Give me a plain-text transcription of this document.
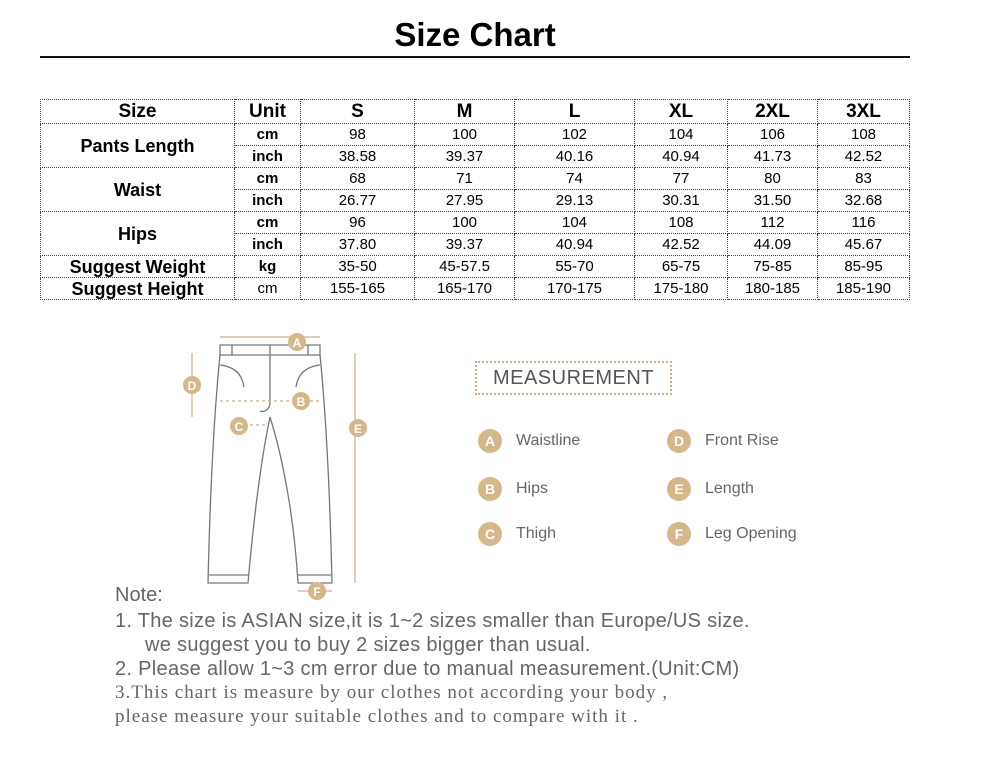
Size Chart
Size	Unit	S	M	L	XL	2XL	3XL
Pants Length	cm	98	100	102	104	106	108
	inch	38.58	39.37	40.16	40.94	41.73	42.52
Waist	cm	68	71	74	77	80	83
	inch	26.77	27.95	29.13	30.31	31.50	32.68
Hips	cm	96	100	104	108	112	116
	inch	37.80	39.37	40.94	42.52	44.09	45.67
Suggest Weight	kg	35-50	45-57.5	55-70	65-75	75-85	85-95
Suggest Height	cm	155-165	165-170	170-175	175-180	180-185	185-190
A
B
C
D
E
F
MEASUREMENT
A	Waistline
B	Hips
C	Thigh
D	Front Rise
E	Length
F	Leg Opening
Note:
1. The size is ASIAN size,it is 1~2 sizes smaller than Europe/US size.
we suggest you to buy 2 sizes bigger than usual.
2. Please allow 1~3 cm error due to manual measurement.(Unit:CM)
3.This chart is measure by our clothes not according your body ,
please measure your suitable clothes and to compare with it .
